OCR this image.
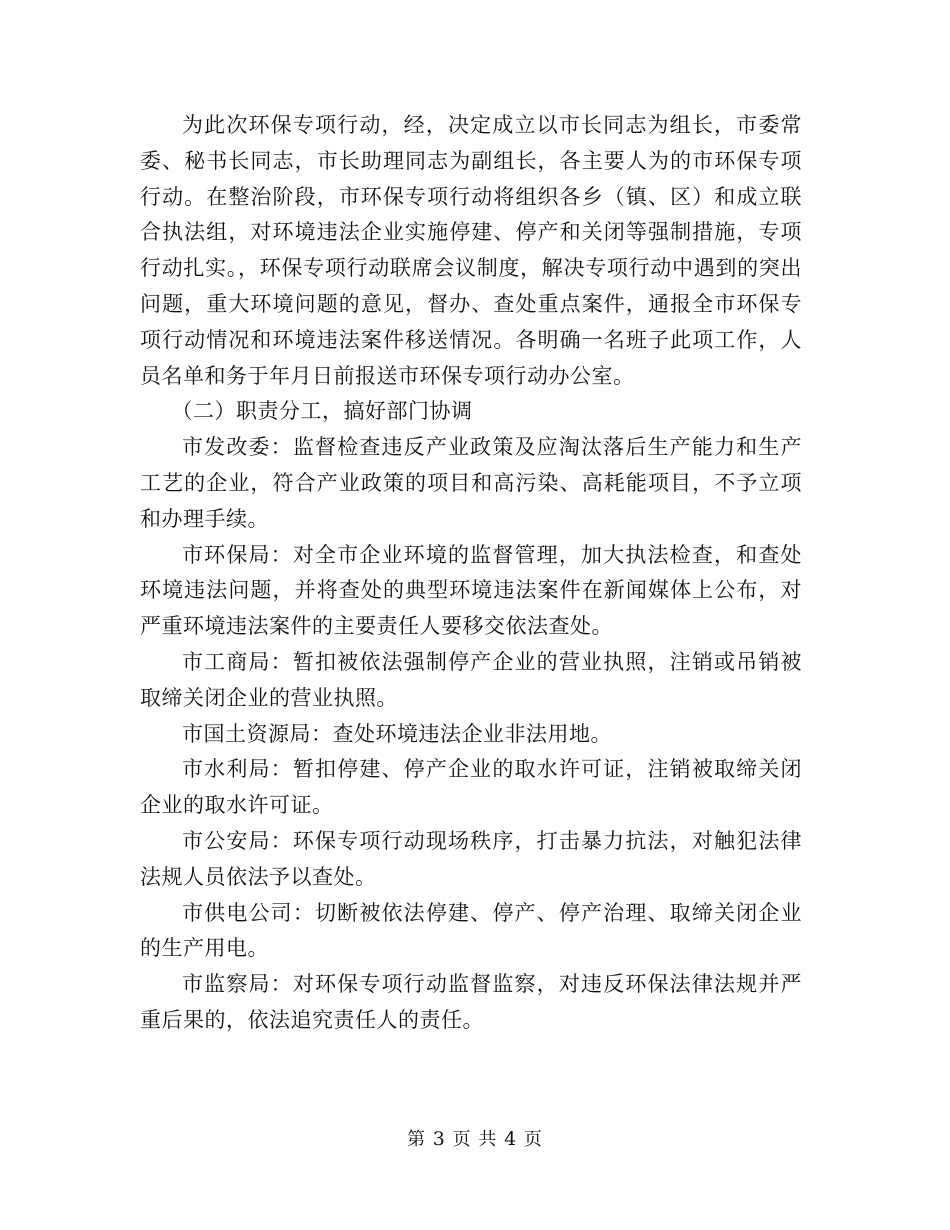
为此次环保专项行动，经，决定成立以市长同志为组长，市委常委、秘书长同志，市长助理同志为副组长，各主要人为的市环保专项行动。在整治阶段，市环保专项行动将组织各乡（镇、区）和成立联合执法组，对环境违法企业实施停建、停产和关闭等强制措施，专项行动扎实。，环保专项行动联席会议制度，解决专项行动中遇到的突出问题，重大环境问题的意见，督办、查处重点案件，通报全市环保专项行动情况和环境违法案件移送情况。各明确一名班子此项工作，人员名单和务于年月日前报送市环保专项行动办公室。

（二）职责分工，搞好部门协调

市发改委：监督检查违反产业政策及应淘汰落后生产能力和生产工艺的企业，符合产业政策的项目和高污染、高耗能项目，不予立项和办理手续。

市环保局：对全市企业环境的监督管理，加大执法检查，和查处环境违法问题，并将查处的典型环境违法案件在新闻媒体上公布，对严重环境违法案件的主要责任人要移交依法查处。

市工商局：暂扣被依法强制停产企业的营业执照，注销或吊销被取缔关闭企业的营业执照。

市国土资源局：查处环境违法企业非法用地。

市水利局：暂扣停建、停产企业的取水许可证，注销被取缔关闭企业的取水许可证。

市公安局：环保专项行动现场秩序，打击暴力抗法，对触犯法律法规人员依法予以查处。

市供电公司：切断被依法停建、停产、停产治理、取缔关闭企业的生产用电。

市监察局：对环保专项行动监督监察，对违反环保法律法规并严重后果的，依法追究责任人的责任。

第 3 页 共 4 页
